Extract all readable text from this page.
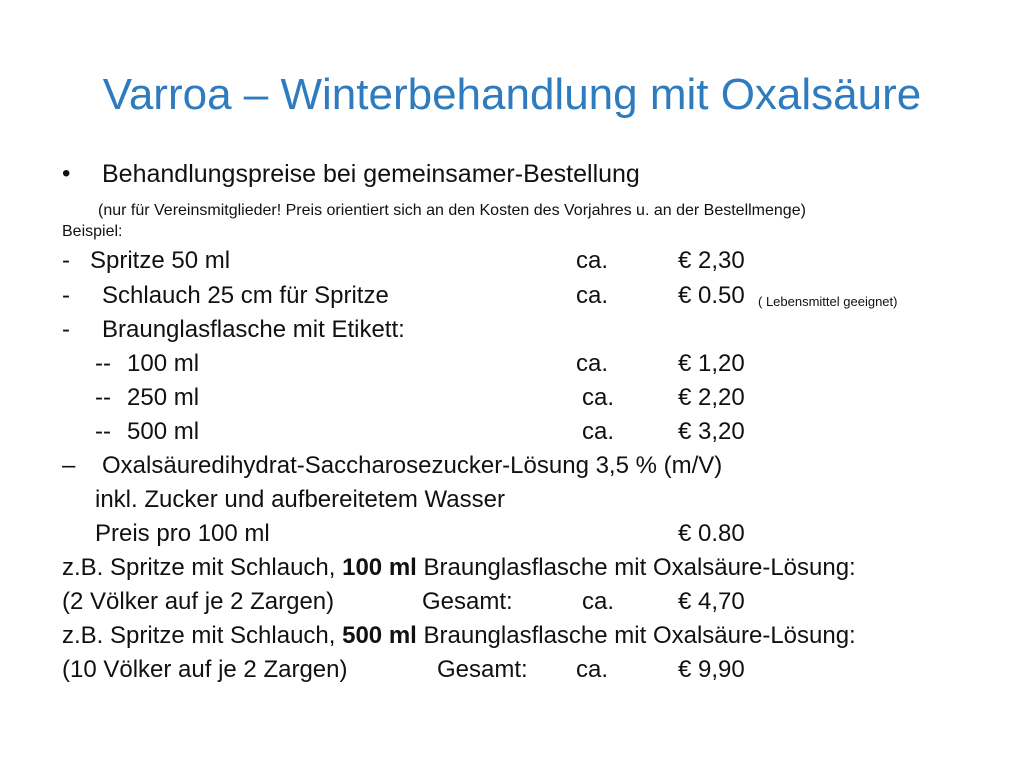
Varroa – Winterbehandlung mit Oxalsäure
• Behandlungspreise bei gemeinsamer-Bestellung
(nur für Vereinsmitglieder! Preis orientiert sich an den Kosten des Vorjahres u. an der Bestellmenge)
Beispiel:
- Spritze 50 ml	ca.	€ 2,30
- Schlauch 25 cm für Spritze	ca.	€ 0.50 ( Lebensmittel geeignet)
- Braunglasflasche mit Etikett:
-- 100 ml	ca.	€ 1,20
-- 250 ml	ca.	€ 2,20
-- 500 ml	ca.	€ 3,20
– Oxalsäuredihydrat-Saccharosezucker-Lösung 3,5 % (m/V)
inkl. Zucker und aufbereitetem Wasser
Preis pro 100 ml	€ 0.80
z.B. Spritze mit Schlauch, 100 ml Braunglasflasche mit Oxalsäure-Lösung:
(2 Völker auf je 2 Zargen)	Gesamt:	ca.	€ 4,70
z.B. Spritze mit Schlauch, 500 ml Braunglasflasche mit Oxalsäure-Lösung:
(10 Völker auf je 2 Zargen)	Gesamt: ca.	€ 9,90
